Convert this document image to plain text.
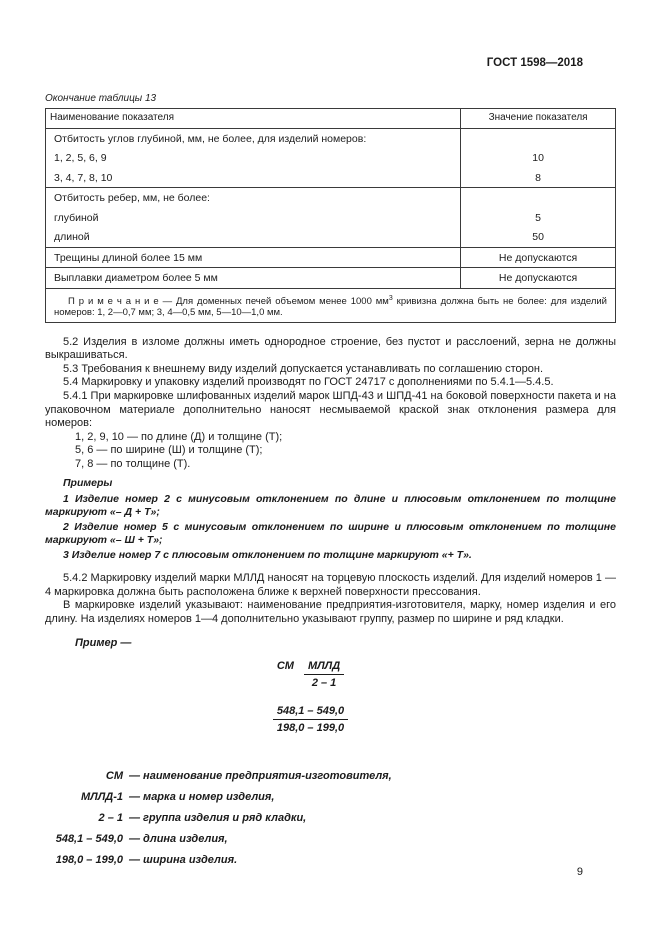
ГОСТ 1598—2018
Окончание таблицы 13
Наименование показателя	Значение показателя
Отбитость углов глубиной, мм, не более, для изделий номеров:	
1, 2, 5, 6, 9	10
3, 4, 7, 8, 10	8
Отбитость ребер, мм, не более:	
глубиной	5
длиной	50
Трещины длиной более 15 мм	Не допускаются
Выплавки диаметром более 5 мм	Не допускаются
П р и м е ч а н и е — Для доменных печей объемом менее 1000 $мм^3$ кривизна должна быть не более: для изделий номеров: 1, 2—0,7 мм; 3, 4—0,5 мм, 5—10—1,0 мм.	

5.2 Изделия в изломе должны иметь однородное строение, без пустот и расслоений, зерна не должны выкрашиваться.

5.3 Требования к внешнему виду изделий допускается устанавливать по соглашению сторон.

5.4 Маркировку и упаковку изделий производят по ГОСТ 24717 с дополнениями по 5.4.1—5.4.5.

5.4.1 При маркировке шлифованных изделий марок ШПД-43 и ШПД-41 на боковой поверхности пакета и на упаковочном материале дополнительно наносят несмываемой краской знак отклонения размера для номеров:

1, 2, 9, 10 — по длине (Д) и толщине (Т);
5, 6 — по ширине (Ш) и толщине (Т);
7, 8 — по толщине (Т).

Примеры

1 Изделие номер 2 с минусовым отклонением по длине и плюсовым отклонением по толщине маркируют «– Д + Т»;

2 Изделие номер 5 с минусовым отклонением по ширине и плюсовым отклонением по толщине маркируют «– Ш + Т»;

3 Изделие номер 7 с плюсовым отклонением по толщине маркируют «+ Т».

5.4.2 Маркировку изделий марки МЛЛД наносят на торцевую плоскость изделий. Для изделий номеров 1 — 4 маркировка должна быть расположена ближе к верхней поверхности прессования.

В маркировке изделий указывают: наименование предприятия-изготовителя, марку, номер изделия и его длину. На изделиях номеров 1—4 дополнительно указывают группу, размер по ширине и ряд кладки.

Пример —

СМ $\frac{\text{МЛЛД}}{2 - 1}$
$\frac{548,1 - 549,0}{198,0 - 199,0}$
СМ — наименование предприятия-изготовителя,
МЛЛД-1 — марка и номер изделия,
2 – 1 — группа изделия и ряд кладки,
548,1 – 549,0 — длина изделия,
198,0 – 199,0 — ширина изделия.
9
